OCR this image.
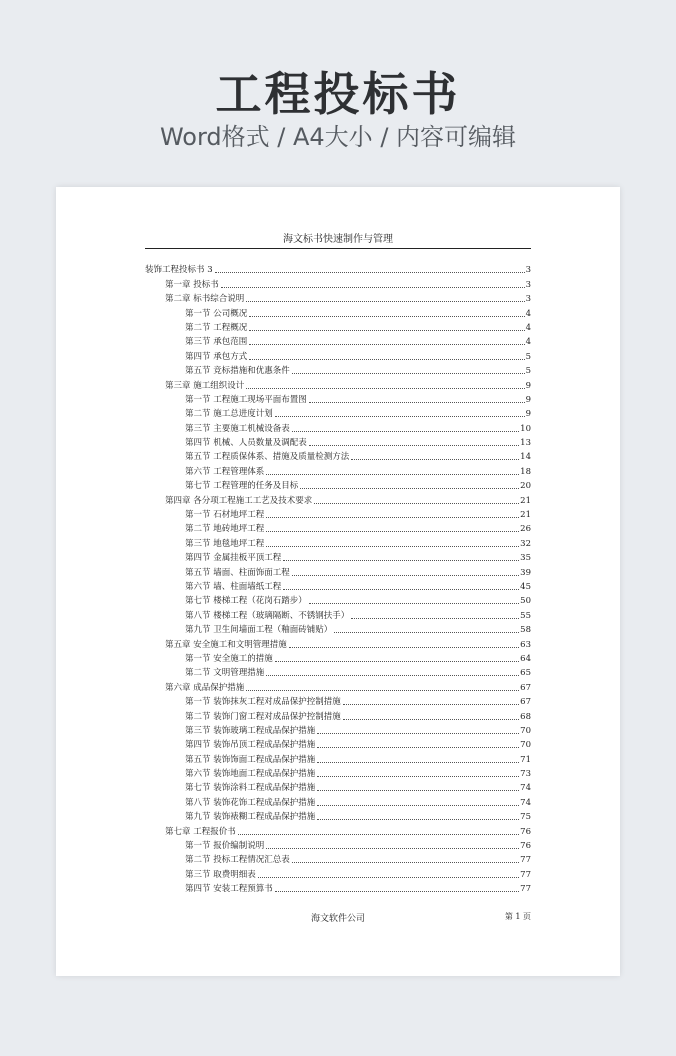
工程投标书
Word格式 / A4大小 / 内容可编辑
海文标书快速制作与管理
装饰工程投标书 3	3
第一章 投标书	3
第二章 标书综合说明	3
第一节 公司概况	4
第二节 工程概况	4
第三节 承包范围	4
第四节 承包方式	5
第五节 竞标措施和优惠条件	5
第三章 施工组织设计	9
第一节 工程施工现场平面布置图	9
第二节 施工总进度计划	9
第三节 主要施工机械设备表	10
第四节 机械、人员数量及调配表	13
第五节 工程质保体系、措施及质量检测方法	14
第六节 工程管理体系	18
第七节 工程管理的任务及目标	20
第四章 各分项工程施工工艺及技术要求	21
第一节 石材地坪工程	21
第二节 地砖地坪工程	26
第三节 地毯地坪工程	32
第四节 金属挂板平顶工程	35
第五节 墙面、柱面饰面工程	39
第六节 墙、柱面墙纸工程	45
第七节 楼梯工程（花岗石踏步）	50
第八节 楼梯工程（玻璃隔断、不锈钢扶手）	55
第九节 卫生间墙面工程（釉面砖铺贴）	58
第五章 安全施工和文明管理措施	63
第一节 安全施工的措施	64
第二节 文明管理措施	65
第六章 成品保护措施	67
第一节 装饰抹灰工程对成品保护控制措施	67
第二节 装饰门窗工程对成品保护控制措施	68
第三节 装饰玻璃工程成品保护措施	70
第四节 装饰吊顶工程成品保护措施	70
第五节 装饰饰面工程成品保护措施	71
第六节 装饰地面工程成品保护措施	73
第七节 装饰涂料工程成品保护措施	74
第八节 装饰花饰工程成品保护措施	74
第九节 装饰裱糊工程成品保护措施	75
第七章 工程报价书	76
第一节 报价编制说明	76
第二节 投标工程情况汇总表	77
第三节 取费明细表	77
第四节 安装工程预算书	77
海文软件公司	第 1 页
